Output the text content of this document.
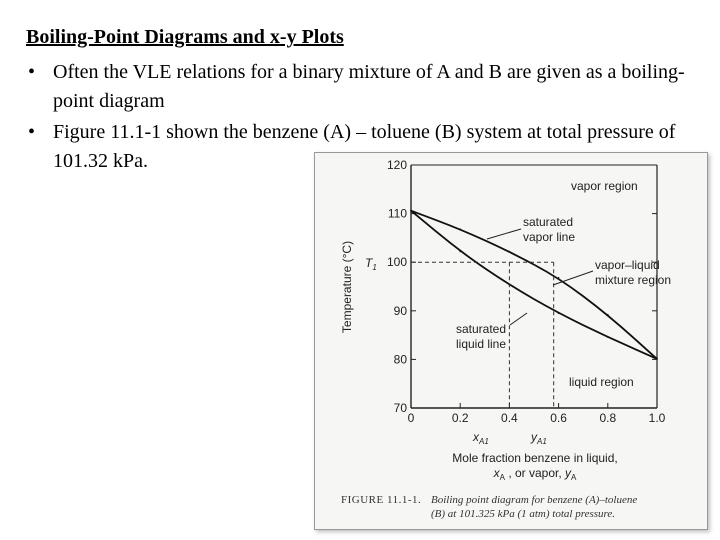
Boiling-Point Diagrams and x-y Plots
• Often the VLE relations for a binary mixture of A and B are given as a boiling-point diagram
• Figure 11.1-1 shown the benzene (A) – toluene (B) system at total pressure of 101.32 kPa.
70
80
90
100
110
120
0	0.2	0.4	0.6	0.8	1.0
Temperature (°C) $T_1$
$x_{A1}$	$y_{A1}$
Mole fraction benzene in liquid,
$x_A$ , or vapor, $y_A$
vapor region
saturated
vapor line
vapor–liquid
mixture region
saturated
liquid line
liquid region
FIGURE 11.1-1. Boiling point diagram for benzene (A)–toluene
(B) at 101.325 kPa (1 atm) total pressure.
